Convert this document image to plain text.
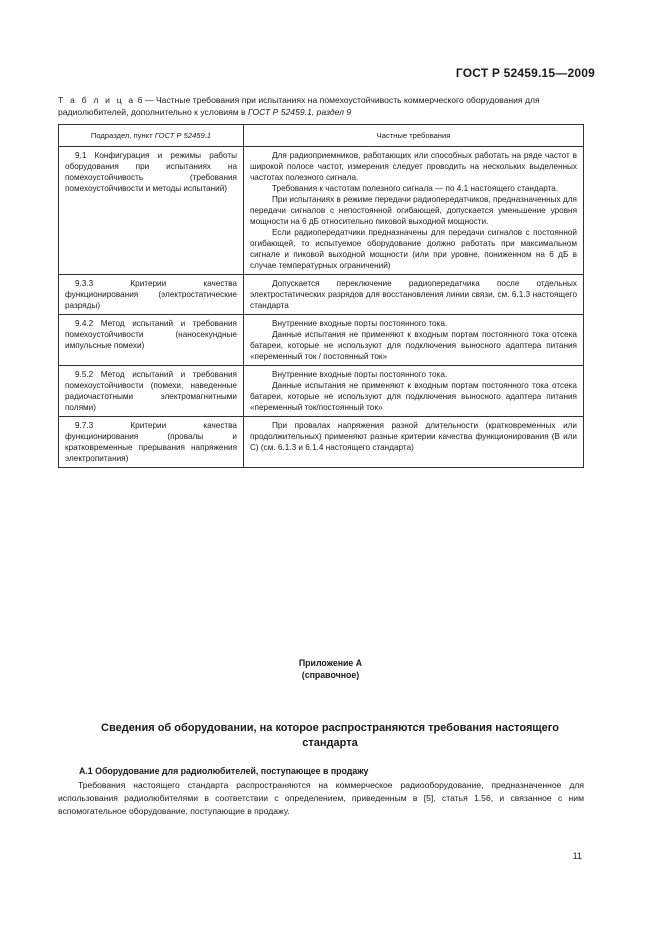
ГОСТ Р 52459.15—2009
Т а б л и ц а 6 — Частные требования при испытаниях на помехоустойчивость коммерческого оборудования для радиолюбителей, дополнительно к условиям в ГОСТ Р 52459.1, раздел 9
Подраздел, пункт ГОСТ Р 52459.1	Частные требования
9.1 Конфигурация и режимы работы оборудования при испытаниях на помехоустойчивость (требования помехоустойчивости и методы испытаний)	Для радиоприемников, работающих или способных работать на ряде частот в широкой полосе частот, измерения следует проводить на нескольких выделенных частотах полезного сигнала.

Требования к частотам полезного сигнала — по 4.1 настоящего стандарта.

При испытаниях в режиме передачи радиопередатчиков, предназначенных для передачи сигналов с непостоянной огибающей, допускается уменьшение уровня мощности на 6 дБ относительно пиковой выходной мощности.

Если радиопередатчики предназначены для передачи сигналов с постоянной огибающей, то испытуемое оборудование должно работать при максимальном сигнале и пиковой выходной мощности (или при уровне, пониженном на 6 дБ в случае температурных ограничений)

9.3.3 Критерии качества функционирования (электростатические разряды)	Допускается переключение радиопередатчика после отдельных электростатических разрядов для восстановления линии связи, см. 6.1.3 настоящего стандарта

9.4.2 Метод испытаний и требования помехоустойчивости (наносекундные импульсные помехи)	Внутренние входные порты постоянного тока.

Данные испытания не применяют к входным портам постоянного тока отсека батареи, которые не используют для подключения выносного адаптера питания «переменный ток / постоянный ток»

9.5.2 Метод испытаний и требования помехоустойчивости (помехи, наведенные радиочастотными электромагнитными полями)	Внутренние входные порты постоянного тока.

Данные испытания не применяют к входным портам постоянного тока отсека батареи, которые не используют для подключения выносного адаптера питания «переменный ток/постоянный ток»

9.7.3 Критерии качества функционирования (провалы и кратковременные прерывания напряжения электропитания)	При провалах напряжения разной длительности (кратковременных или продолжительных) применяют разные критерии качества функционирования (В или С) (см. 6.1.3 и 6.1.4 настоящего стандарта)

Приложение А
(справочное)
Сведения об оборудовании, на которое распространяются требования настоящего стандарта
А.1 Оборудование для радиолюбителей, поступающее в продажу
Требования настоящего стандарта распространяются на коммерческое радиооборудование, предназначенное для использования радиолюбителями в соответствии с определением, приведенным в [5], статья 1.56, и связанное с ним вспомогательное оборудование, поступающие в продажу.
11
